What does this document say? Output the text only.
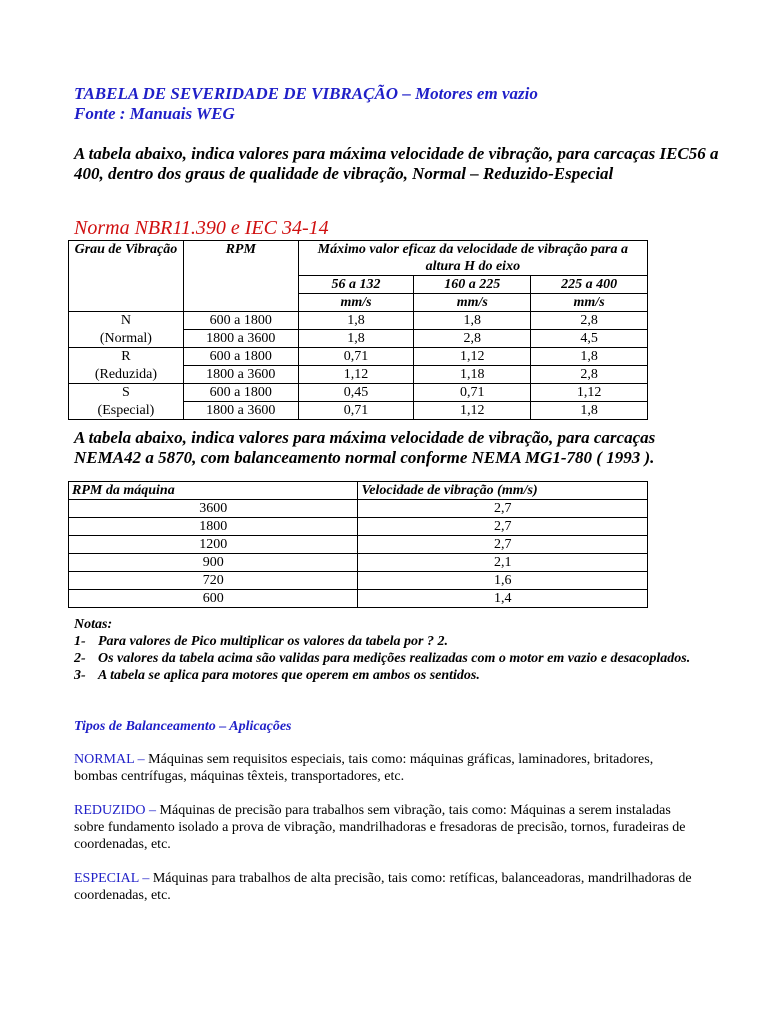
TABELA DE SEVERIDADE DE VIBRAÇÃO – Motores em vazio
Fonte : Manuais WEG
A tabela abaixo, indica valores para máxima velocidade de vibração, para carcaças IEC56 a 400, dentro dos graus de qualidade de vibração, Normal – Reduzido-Especial
Norma NBR11.390 e IEC 34-14
Grau de Vibração	RPM	Máximo valor eficaz da velocidade de vibração para a altura H do eixo		
		56 a 132	160 a 225	225 a 400
		mm/s	mm/s	mm/s
N	600 a 1800	1,8	1,8	2,8
(Normal)	1800 a 3600	1,8	2,8	4,5
R	600 a 1800	0,71	1,12	1,8
(Reduzida)	1800 a 3600	1,12	1,18	2,8
S	600 a 1800	0,45	0,71	1,12
(Especial)	1800 a 3600	0,71	1,12	1,8
A tabela abaixo, indica valores para máxima velocidade de vibração, para carcaças NEMA42 a 5870, com balanceamento normal conforme NEMA MG1-780 ( 1993 ).
RPM da máquina	Velocidade de vibração (mm/s)
3600	2,7
1800	2,7
1200	2,7
900	2,1
720	1,6
600	1,4
Notas:
1- Para valores de Pico multiplicar os valores da tabela por ? 2.
2- Os valores da tabela acima são validas para medições realizadas com o motor em vazio e desacoplados.
3- A tabela se aplica para motores que operem em ambos os sentidos.
Tipos de Balanceamento – Aplicações
NORMAL – Máquinas sem requisitos especiais, tais como: máquinas gráficas, laminadores, britadores, bombas centrífugas, máquinas têxteis, transportadores, etc.
REDUZIDO – Máquinas de precisão para trabalhos sem vibração, tais como: Máquinas a serem instaladas sobre fundamento isolado a prova de vibração, mandrilhadoras e fresadoras de precisão, tornos, furadeiras de coordenadas, etc.
ESPECIAL – Máquinas para trabalhos de alta precisão, tais como: retíficas, balanceadoras, mandrilhadoras de coordenadas, etc.
